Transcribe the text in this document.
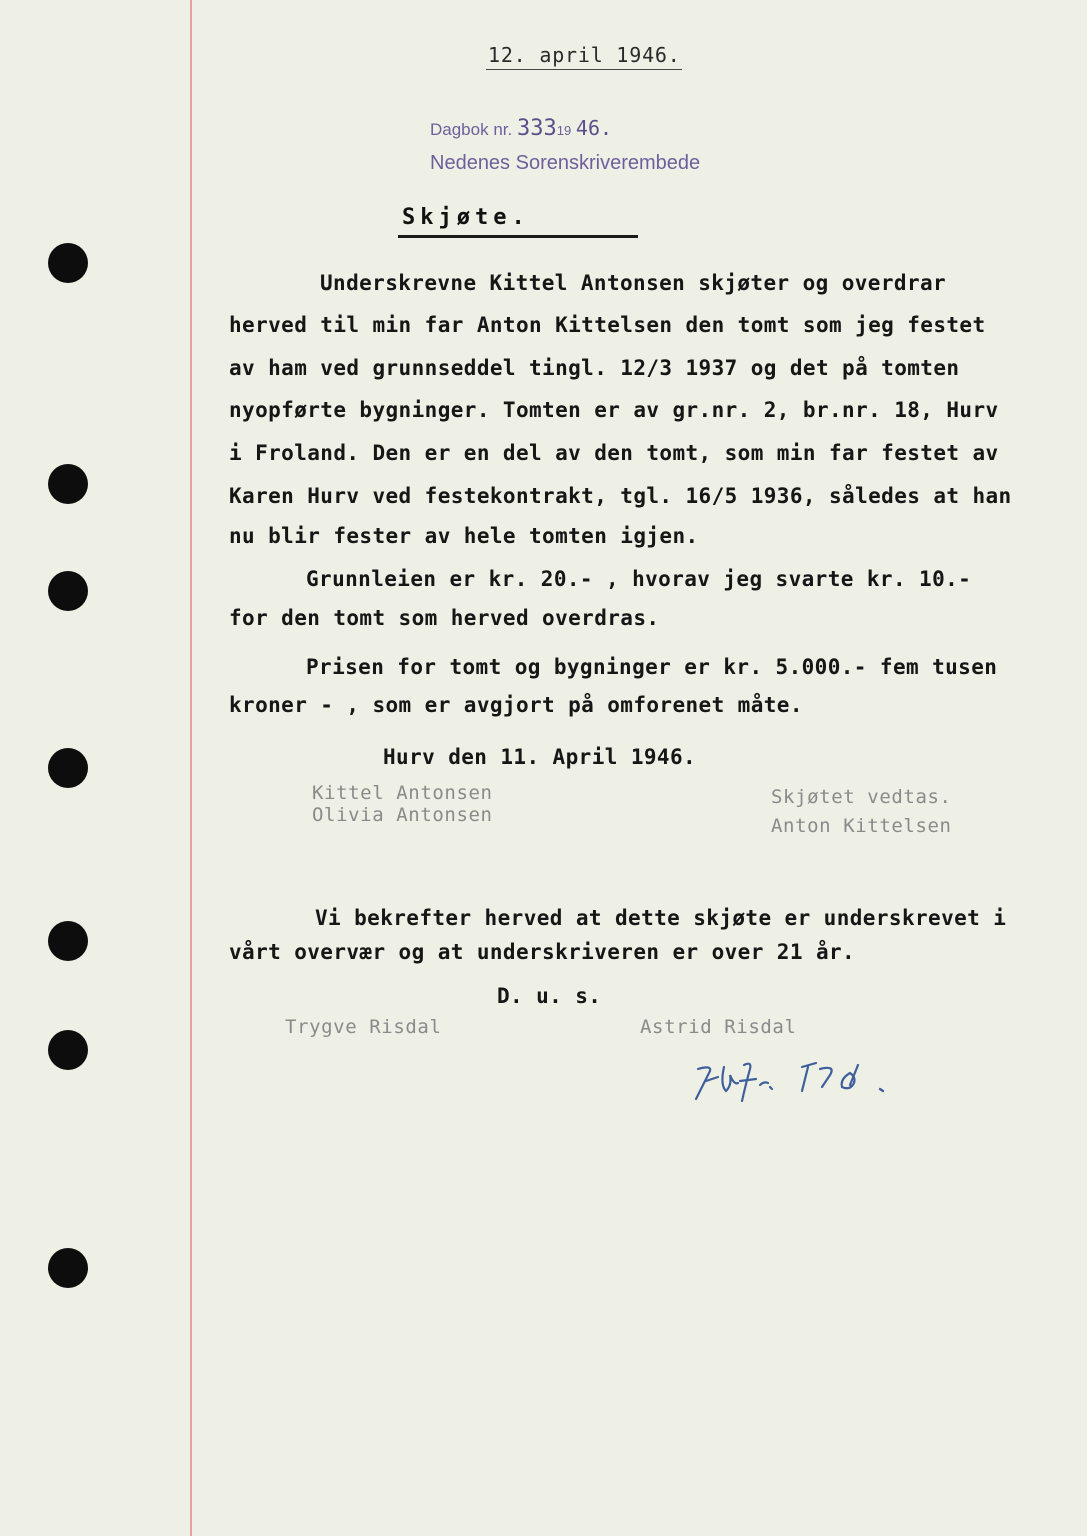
12. april 1946.
Dagbok nr. 33319 46.
Nedenes Sorenskriverembede
Skjøte.
Underskrevne Kittel Antonsen skjøter og overdrar
herved til min far Anton Kittelsen den tomt som jeg festet
av ham ved grunnseddel tingl. 12/3 1937 og det på tomten
nyopførte bygninger. Tomten er av gr.nr. 2, br.nr. 18, Hurv
i Froland. Den er en del av den tomt, som min far festet av
Karen Hurv ved festekontrakt, tgl. 16/5 1936, således at han
nu blir fester av hele tomten igjen.
Grunnleien er kr. 20.- , hvorav jeg svarte kr. 10.-
for den tomt som herved overdras.
Prisen for tomt og bygninger er kr. 5.000.- fem tusen
kroner - , som er avgjort på omforenet måte.
Hurv den 11. April 1946.
Kittel Antonsen
Olivia Antonsen
Skjøtet vedtas.
Anton Kittelsen
Vi bekrefter herved at dette skjøte er underskrevet i
vårt overvær og at underskriveren er over 21 år.
D. u. s.
Trygve Risdal	Astrid Risdal
